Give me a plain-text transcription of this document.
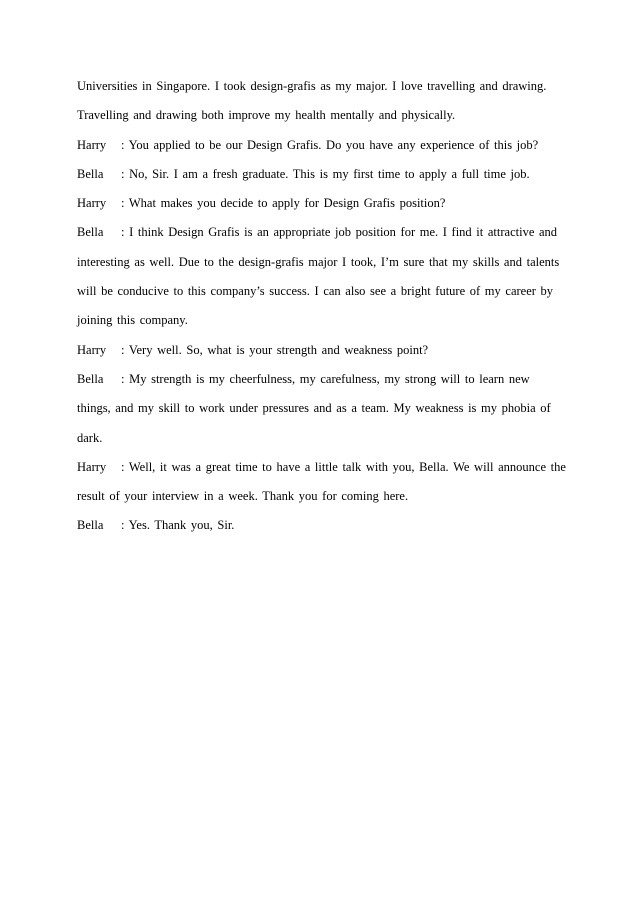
Universities in Singapore. I took design-grafis as my major. I love travelling and drawing.
Travelling and drawing both improve my health mentally and physically.
Harry : You applied to be our Design Grafis. Do you have any experience of this job?
Bella : No, Sir. I am a fresh graduate. This is my first time to apply a full time job.
Harry : What makes you decide to apply for Design Grafis position?
Bella : I think Design Grafis is an appropriate job position for me. I find it attractive and
interesting as well. Due to the design-grafis major I took, I’m sure that my skills and talents
will be conducive to this company’s success. I can also see a bright future of my career by
joining this company.
Harry : Very well. So, what is your strength and weakness point?
Bella : My strength is my cheerfulness, my carefulness, my strong will to learn new
things, and my skill to work under pressures and as a team. My weakness is my phobia of
dark.
Harry : Well, it was a great time to have a little talk with you, Bella. We will announce the
result of your interview in a week. Thank you for coming here.
Bella : Yes. Thank you, Sir.
